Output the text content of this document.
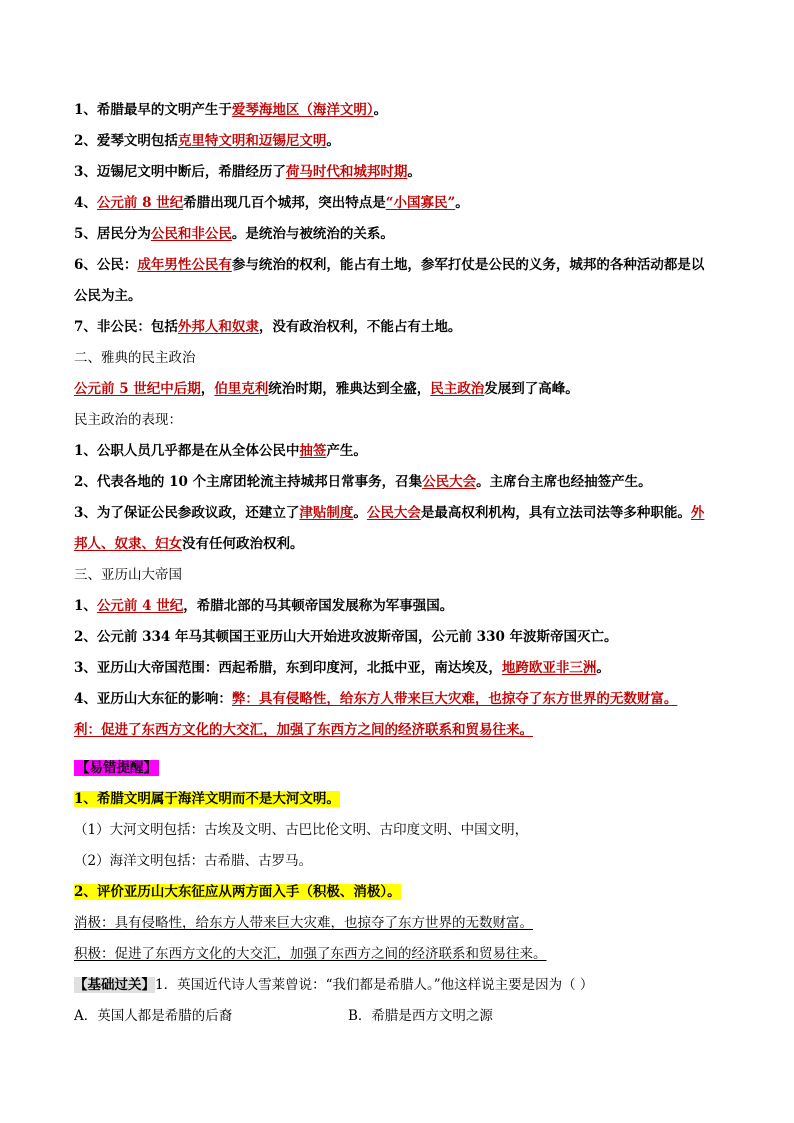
1、希腊最早的文明产生于爱琴海地区（海洋文明）。
2、爱琴文明包括克里特文明和迈锡尼文明。
3、迈锡尼文明中断后，希腊经历了荷马时代和城邦时期。
4、公元前 8 世纪希腊出现几百个城邦，突出特点是“小国寡民”。
5、居民分为公民和非公民。是统治与被统治的关系。
6、公民：成年男性公民有参与统治的权利，能占有土地，参军打仗是公民的义务，城邦的各种活动都是以
公民为主。
7、非公民：包括外邦人和奴隶，没有政治权利，不能占有土地。
二、雅典的民主政治
公元前 5 世纪中后期，伯里克利统治时期，雅典达到全盛，民主政治发展到了高峰。
民主政治的表现：
1、公职人员几乎都是在从全体公民中抽签产生。
2、代表各地的 10 个主席团轮流主持城邦日常事务，召集公民大会。主席台主席也经抽签产生。
3、为了保证公民参政议政，还建立了津贴制度。公民大会是最高权利机构，具有立法司法等多种职能。外
邦人、奴隶、妇女没有任何政治权利。
三、亚历山大帝国
1、公元前 4 世纪，希腊北部的马其顿帝国发展称为军事强国。
2、公元前 334 年马其顿国王亚历山大开始进攻波斯帝国，公元前 330 年波斯帝国灭亡。
3、亚历山大帝国范围：西起希腊，东到印度河，北抵中亚，南达埃及，地跨欧亚非三洲。
4、亚历山大东征的影响：弊：具有侵略性，给东方人带来巨大灾难，也掠夺了东方世界的无数财富。
利：促进了东西方文化的大交汇，加强了东西方之间的经济联系和贸易往来。
【易错提醒】
1、希腊文明属于海洋文明而不是大河文明。
（1）大河文明包括：古埃及文明、古巴比伦文明、古印度文明、中国文明，
（2）海洋文明包括：古希腊、古罗马。
2、评价亚历山大东征应从两方面入手（积极、消极）。
消极：具有侵略性，给东方人带来巨大灾难，也掠夺了东方世界的无数财富。
积极：促进了东西方文化的大交汇，加强了东西方之间的经济联系和贸易往来。
【基础过关】1．英国近代诗人雪莱曾说：“我们都是希腊人。”他这样说主要是因为（ ）
A．英国人都是希腊的后裔	B．希腊是西方文明之源
